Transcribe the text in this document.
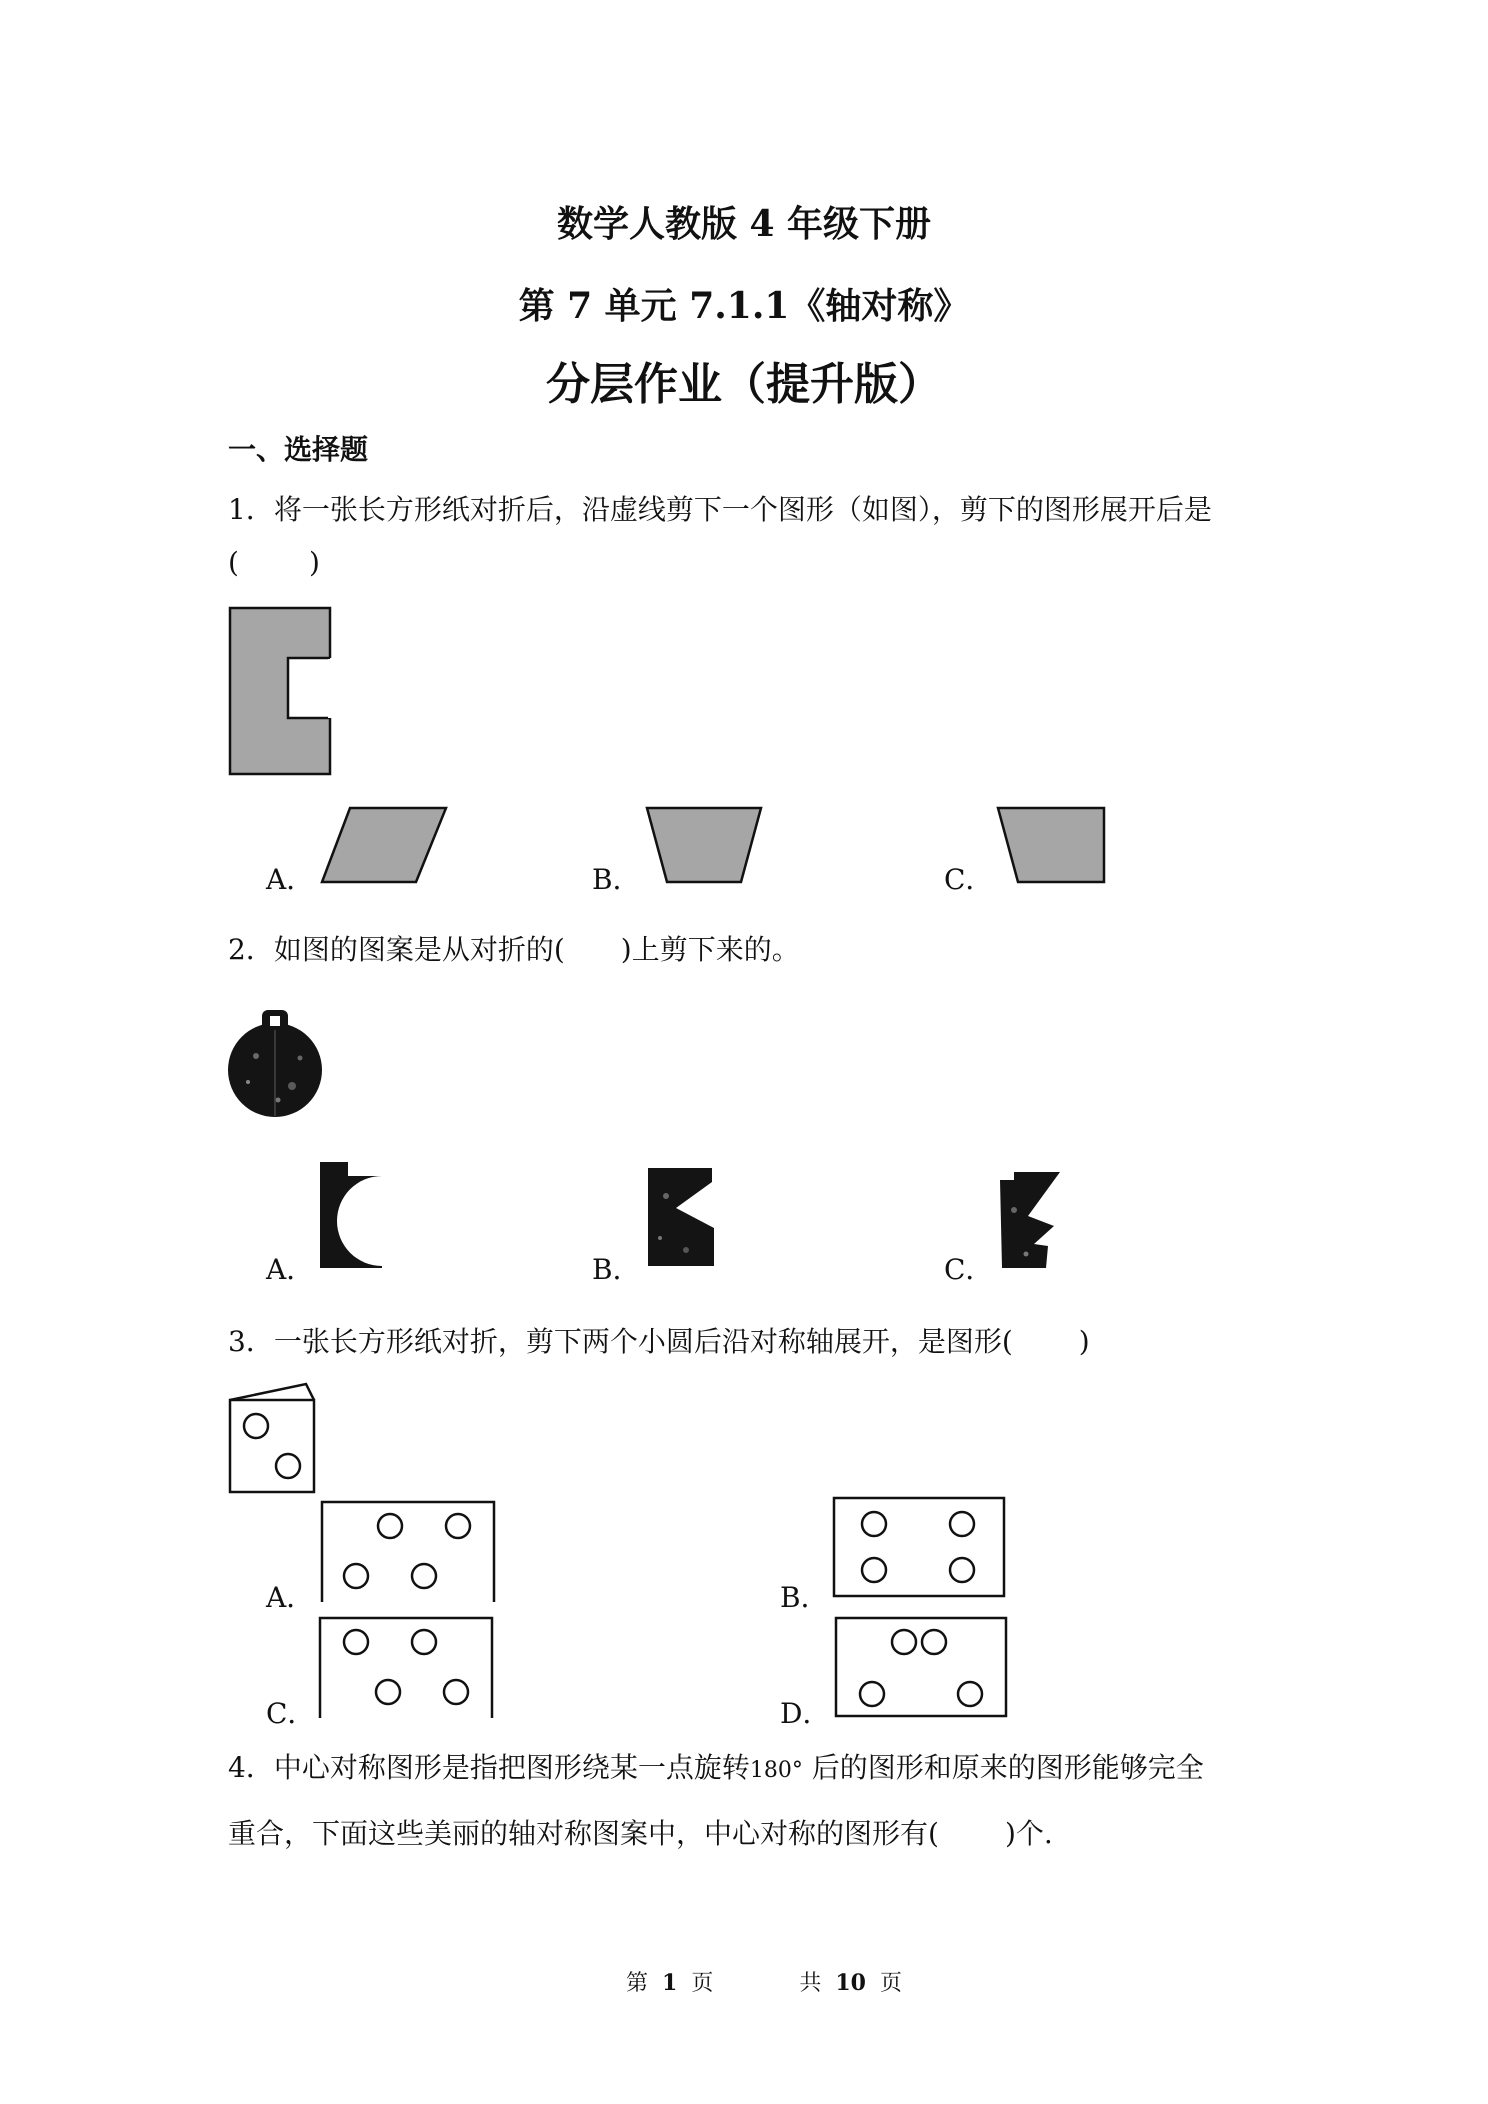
数学人教版 4 年级下册
第 7 单元 7.1.1《轴对称》
分层作业（提升版）
一、选择题
1．将一张长方形纸对折后，沿虚线剪下一个图形（如图），剪下的图形展开后是
(	)
A．	B．	C．
2．如图的图案是从对折的( )上剪下来的。
A．	B．	C．
3．一张长方形纸对折，剪下两个小圆后沿对称轴展开，是图形( )
A．	B．
C．	D．
4．中心对称图形是指把图形绕某一点旋转180° 后的图形和原来的图形能够完全
重合，下面这些美丽的轴对称图案中，中心对称的图形有( )个.
第 1 页	共 10 页
